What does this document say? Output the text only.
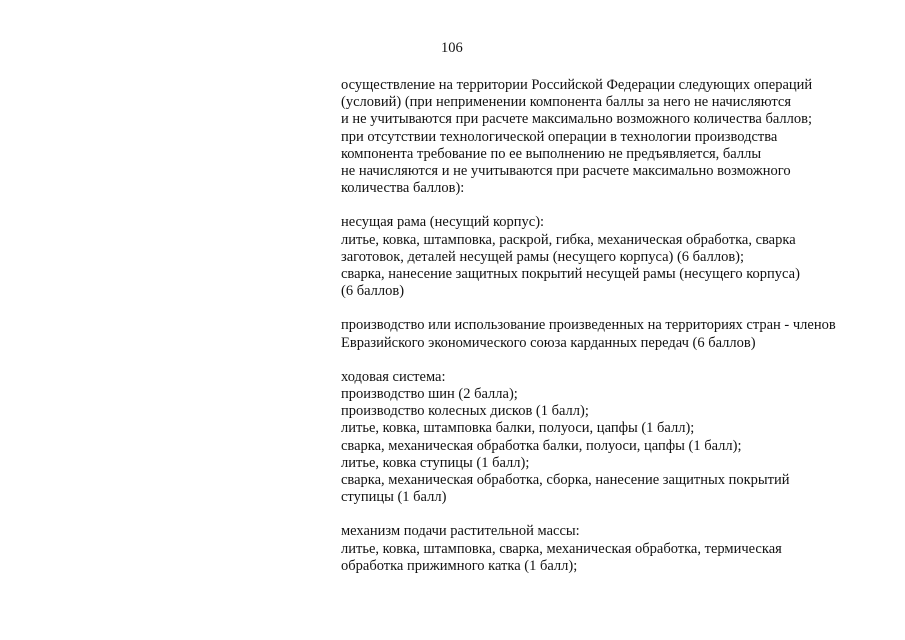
106
осуществление на территории Российской Федерации следующих операций
(условий) (при неприменении компонента баллы за него не начисляются
и не учитываются при расчете максимально возможного количества баллов;
при отсутствии технологической операции в технологии производства
компонента требование по ее выполнению не предъявляется, баллы
не начисляются и не учитываются при расчете максимально возможного
количества баллов):
несущая рама (несущий корпус):
литье, ковка, штамповка, раскрой, гибка, механическая обработка, сварка
заготовок, деталей несущей рамы (несущего корпуса) (6 баллов);
сварка, нанесение защитных покрытий несущей рамы (несущего корпуса)
(6 баллов)
производство или использование произведенных на территориях стран - членов
Евразийского экономического союза карданных передач (6 баллов)
ходовая система:
производство шин (2 балла);
производство колесных дисков (1 балл);
литье, ковка, штамповка балки, полуоси, цапфы (1 балл);
сварка, механическая обработка балки, полуоси, цапфы (1 балл);
литье, ковка ступицы (1 балл);
сварка, механическая обработка, сборка, нанесение защитных покрытий
ступицы (1 балл)
механизм подачи растительной массы:
литье, ковка, штамповка, сварка, механическая обработка, термическая
обработка прижимного катка (1 балл);
